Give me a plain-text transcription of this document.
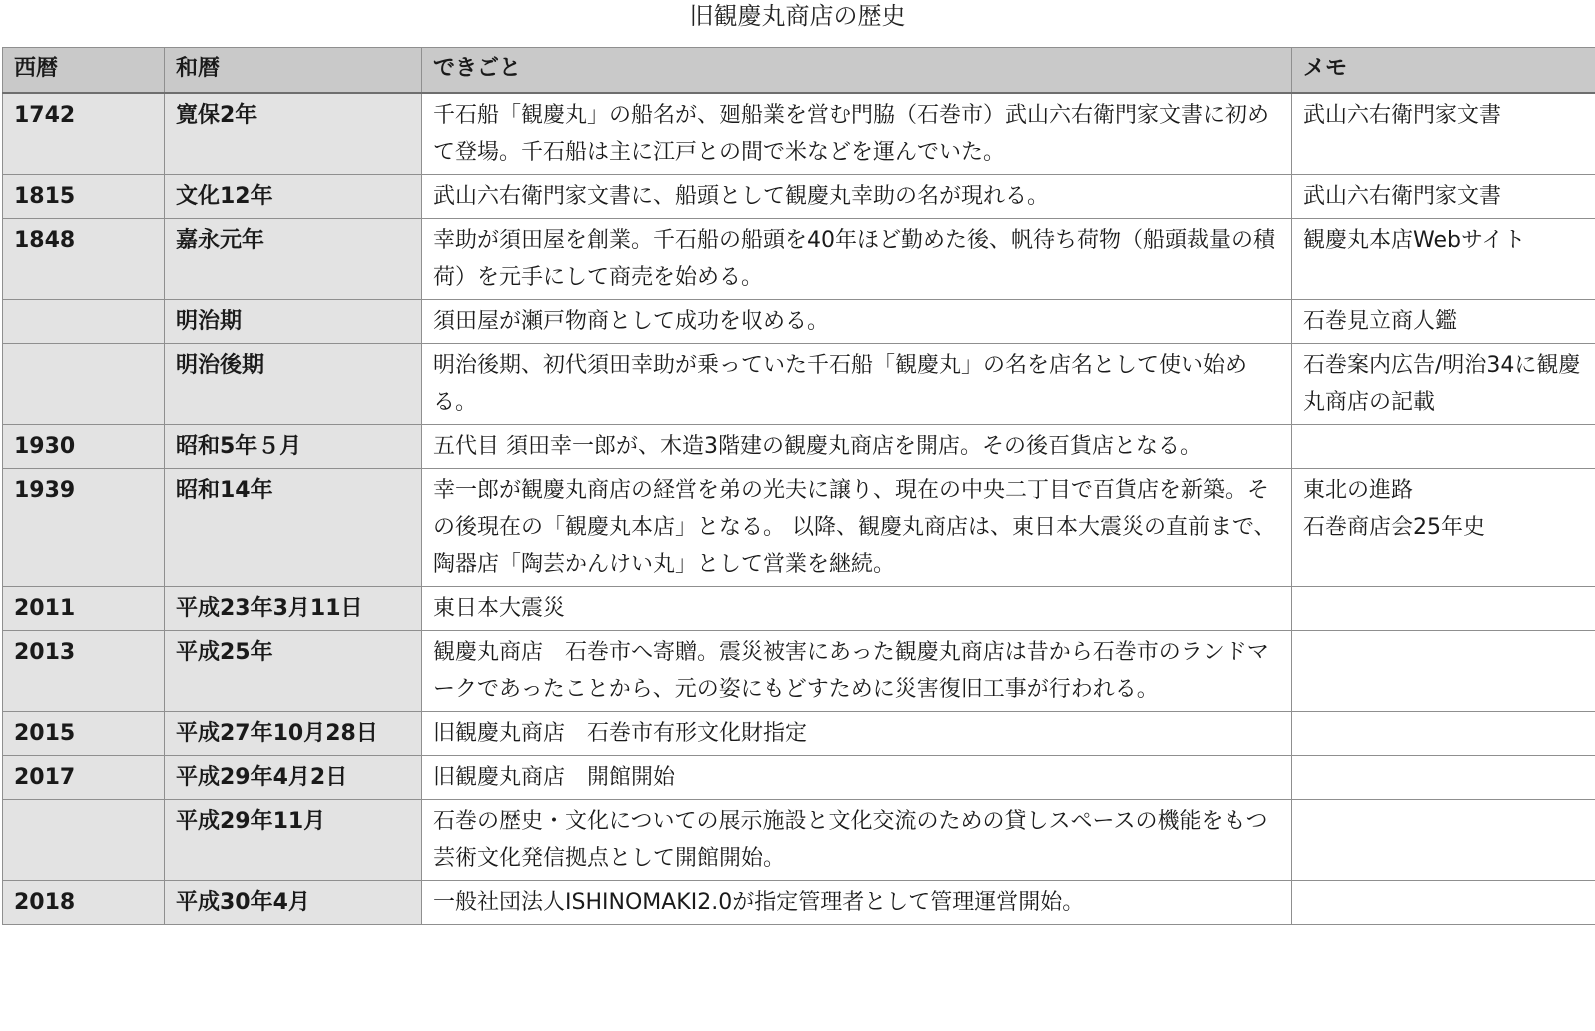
旧観慶丸商店の歴史
西暦	和暦	できごと	メモ
1742	寛保2年	千石船「観慶丸」の船名が、廻船業を営む門脇（石巻市）武山六右衛門家文書に初めて登場。千石船は主に江戸との間で米などを運んでいた。	武山六右衛門家文書

1815	文化12年	武山六右衛門家文書に、船頭として観慶丸幸助の名が現れる。	武山六右衛門家文書

1848	嘉永元年	幸助が須田屋を創業。千石船の船頭を40年ほど勤めた後、帆待ち荷物（船頭裁量の積荷）を元手にして商売を始める。	観慶丸本店Webサイト

	明治期	須田屋が瀬戸物商として成功を収める。	石巻見立商人鑑

	明治後期	明治後期、初代須田幸助が乗っていた千石船「観慶丸」の名を店名として使い始める。	石巻案内広告/明治34に観慶丸商店の記載

1930	昭和5年５月	五代目 須田幸一郎が、木造3階建の観慶丸商店を開店。その後百貨店となる。	
1939	昭和14年	幸一郎が観慶丸商店の経営を弟の光夫に譲り、現在の中央二丁目で百貨店を新築。その後現在の「観慶丸本店」となる。 以降、観慶丸商店は、東日本大震災の直前まで、陶器店「陶芸かんけい丸」として営業を継続。	東北の進路
石巻商店会25年史

2011	平成23年3月11日	東日本大震災	
2013	平成25年	観慶丸商店　石巻市へ寄贈。震災被害にあった観慶丸商店は昔から石巻市のランドマークであったことから、元の姿にもどすために災害復旧工事が行われる。	
2015	平成27年10月28日	旧観慶丸商店　石巻市有形文化財指定	
2017	平成29年4月2日	旧観慶丸商店　開館開始	
	平成29年11月	石巻の歴史・文化についての展示施設と文化交流のための貸しスペースの機能をもつ芸術文化発信拠点として開館開始。	
2018	平成30年4月	一般社団法人ISHINOMAKI2.0が指定管理者として管理運営開始。	
